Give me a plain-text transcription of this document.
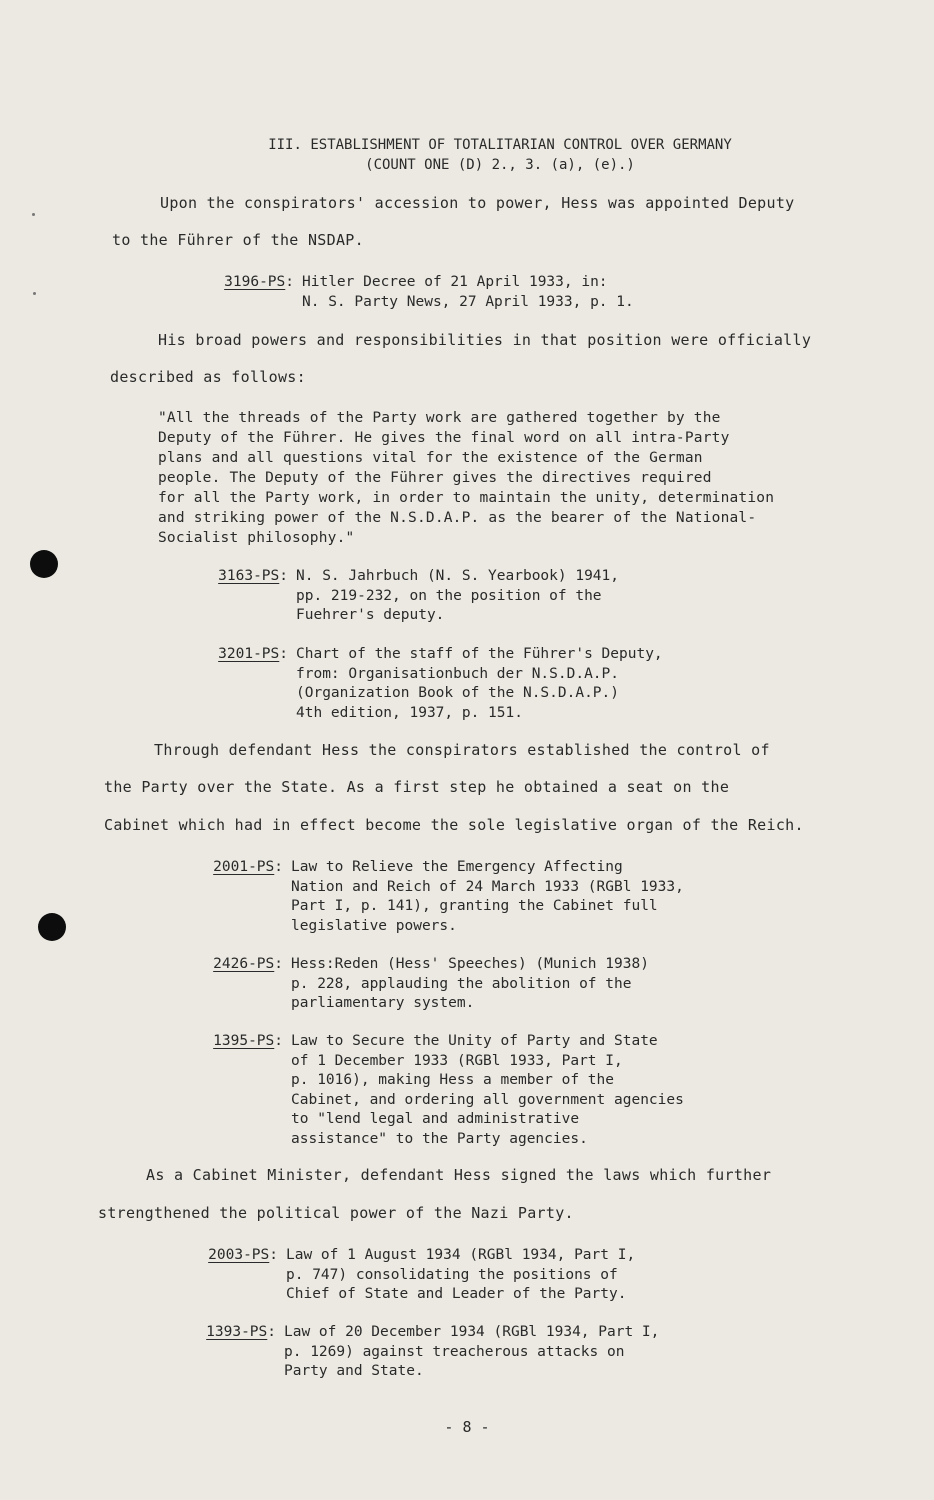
III. ESTABLISHMENT OF TOTALITARIAN CONTROL OVER GERMANY
(COUNT ONE (D) 2., 3. (a), (e).)
Upon the conspirators' accession to power, Hess was appointed Deputy
to the Führer of the NSDAP.
3196-PS: Hitler Decree of 21 April 1933, in:
N. S. Party News, 27 April 1933, p. 1.
His broad powers and responsibilities in that position were officially
described as follows:
"All the threads of the Party work are gathered together by the
Deputy of the Führer. He gives the final word on all intra-Party
plans and all questions vital for the existence of the German
people. The Deputy of the Führer gives the directives required
for all the Party work, in order to maintain the unity, determination
and striking power of the N.S.D.A.P. as the bearer of the National-
Socialist philosophy."
3163-PS: N. S. Jahrbuch (N. S. Yearbook) 1941,
pp. 219-232, on the position of the
Fuehrer's deputy.
3201-PS: Chart of the staff of the Führer's Deputy,
from: Organisationbuch der N.S.D.A.P.
(Organization Book of the N.S.D.A.P.)
4th edition, 1937, p. 151.
Through defendant Hess the conspirators established the control of
the Party over the State. As a first step he obtained a seat on the
Cabinet which had in effect become the sole legislative organ of the Reich.
2001-PS: Law to Relieve the Emergency Affecting
Nation and Reich of 24 March 1933 (RGBl 1933,
Part I, p. 141), granting the Cabinet full
legislative powers.
2426-PS: Hess:Reden (Hess' Speeches) (Munich 1938)
p. 228, applauding the abolition of the
parliamentary system.
1395-PS: Law to Secure the Unity of Party and State
of 1 December 1933 (RGBl 1933, Part I,
p. 1016), making Hess a member of the
Cabinet, and ordering all government agencies
to "lend legal and administrative
assistance" to the Party agencies.
As a Cabinet Minister, defendant Hess signed the laws which further
strengthened the political power of the Nazi Party.
2003-PS: Law of 1 August 1934 (RGBl 1934, Part I,
p. 747) consolidating the positions of
Chief of State and Leader of the Party.
1393-PS: Law of 20 December 1934 (RGBl 1934, Part I,
p. 1269) against treacherous attacks on
Party and State.
- 8 -
